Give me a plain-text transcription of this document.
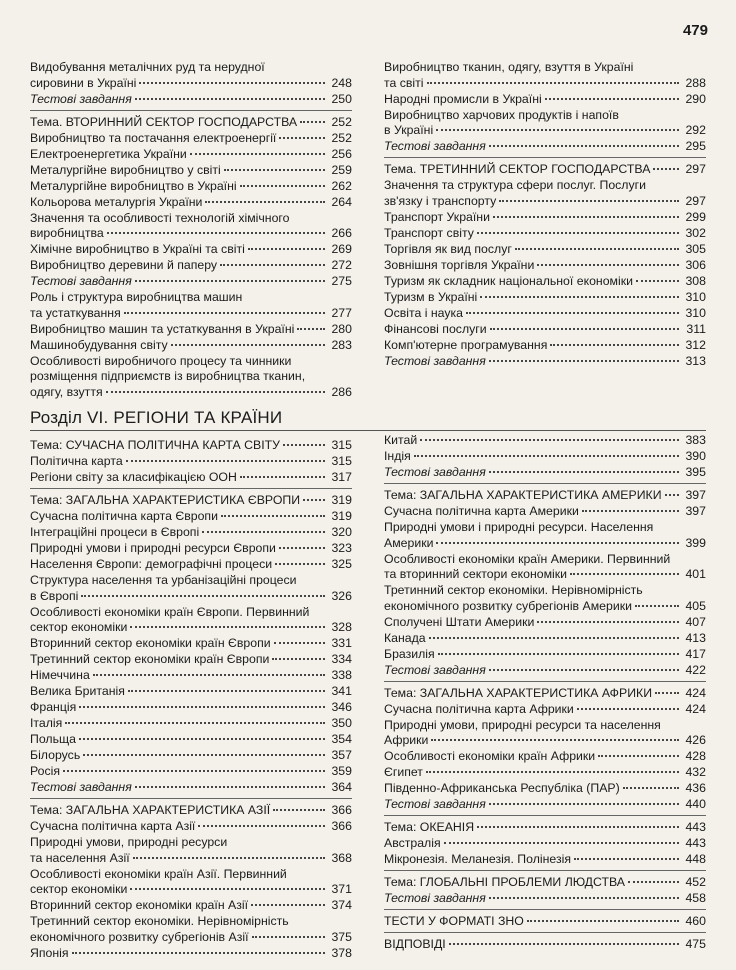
479
Видобування металічних руд та нерудної
сировини в Україні	248
Тестові завдання	250
Тема. ВТОРИННИЙ СЕКТОР ГОСПОДАРСТВА	252
Виробництво та постачання електроенергії	252
Електроенергетика України	256
Металургійне виробництво у світі	259
Металургійне виробництво в Україні	262
Кольорова металургія України	264
Значення та особливості технологій хімічного
виробництва	266
Хімічне виробництво в Україні та світі	269
Виробництво деревини й паперу	272
Тестові завдання	275
Роль і структура виробництва машин
та устаткування	277
Виробництво машин та устаткування в Україні	280
Машинобудування світу	283
Особливості виробничого процесу та чинники
розміщення підприємств із виробництва тканин,
одягу, взуття	286
Виробництво тканин, одягу, взуття в Україні
та світі	288
Народні промисли в Україні	290
Виробництво харчових продуктів і напоїв
в Україні	292
Тестові завдання	295
Тема. ТРЕТИННИЙ СЕКТОР ГОСПОДАРСТВА	297
Значення та структура сфери послуг. Послуги
зв'язку і транспорту	297
Транспорт України	299
Транспорт світу	302
Торгівля як вид послуг	305
Зовнішня торгівля України	306
Туризм як складник національної економіки	308
Туризм в Україні	310
Освіта і наука	310
Фінансові послуги	311
Комп'ютерне програмування	312
Тестові завдання	313
Розділ VI. РЕГІОНИ ТА КРАЇНИ
Тема: СУЧАСНА ПОЛІТИЧНА КАРТА СВІТУ	315
Політична карта	315
Регіони світу за класифікацією ООН	317
Тема: ЗАГАЛЬНА ХАРАКТЕРИСТИКА ЄВРОПИ	319
Сучасна політична карта Європи	319
Інтеграційні процеси в Європі	320
Природні умови і природні ресурси Європи	323
Населення Європи: демографічні процеси	325
Структура населення та урбанізаційні процеси
в Європі	326
Особливості економіки країн Європи. Первинний
сектор економіки	328
Вторинний сектор економіки країн Європи	331
Третинний сектор економіки країн Європи	334
Німеччина	338
Велика Британія	341
Франція	346
Італія	350
Польща	354
Білорусь	357
Росія	359
Тестові завдання	364
Тема: ЗАГАЛЬНА ХАРАКТЕРИСТИКА АЗІЇ	366
Сучасна політична карта Азії	366
Природні умови, природні ресурси
та населення Азії	368
Особливості економіки країн Азії. Первинний
сектор економіки	371
Вторинний сектор економіки країн Азії	374
Третинний сектор економіки. Нерівномірність
економічного розвитку субрегіонів Азії	375
Японія	378
Китай	383
Індія	390
Тестові завдання	395
Тема: ЗАГАЛЬНА ХАРАКТЕРИСТИКА АМЕРИКИ 397
Сучасна політична карта Америки	397
Природні умови і природні ресурси. Населення
Америки	399
Особливості економіки країн Америки. Первинний
та вторинний сектори економіки	401
Третинний сектор економіки. Нерівномірність
економічного розвитку субрегіонів Америки	405
Сполучені Штати Америки	407
Канада	413
Бразилія	417
Тестові завдання	422
Тема: ЗАГАЛЬНА ХАРАКТЕРИСТИКА АФРИКИ	424
Сучасна політична карта Африки	424
Природні умови, природні ресурси та населення
Африки	426
Особливості економіки країн Африки	428
Єгипет	432
Південно-Африканська Республіка (ПАР)	436
Тестові завдання	440
Тема: ОКЕАНІЯ	443
Австралія	443
Мікронезія. Меланезія. Полінезія	448
Тема: ГЛОБАЛЬНІ ПРОБЛЕМИ ЛЮДСТВА	452
Тестові завдання	458
ТЕСТИ У ФОРМАТІ ЗНО	460
ВІДПОВІДІ	475
